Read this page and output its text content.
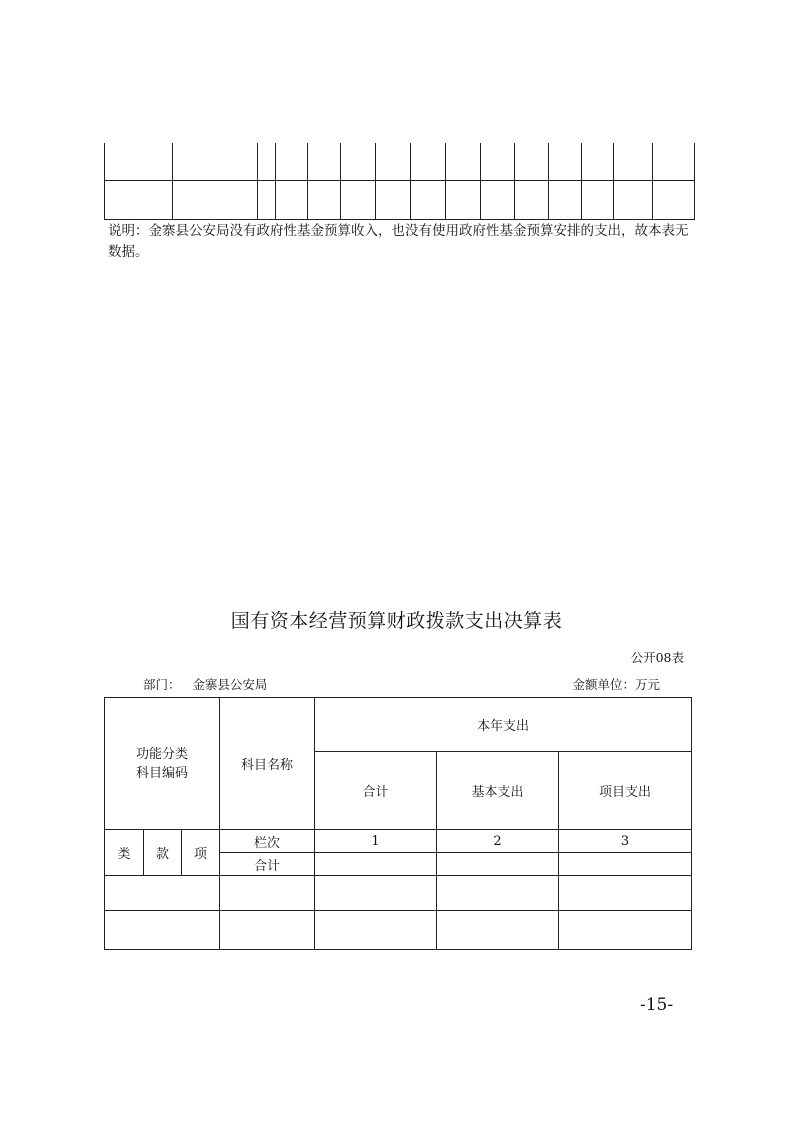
说明：金寨县公安局没有政府性基金预算收入，也没有使用政府性基金预算安排的支出，故本表无数据。
国有资本经营预算财政拨款支出决算表
公开08表
部门：   金寨县公安局	金额单位：万元
功能分类
科目编码			科目名称	本年支出		
				合计	基本支出	项目支出
类	款	项	栏次	1	2	3
			合计			

-15-
